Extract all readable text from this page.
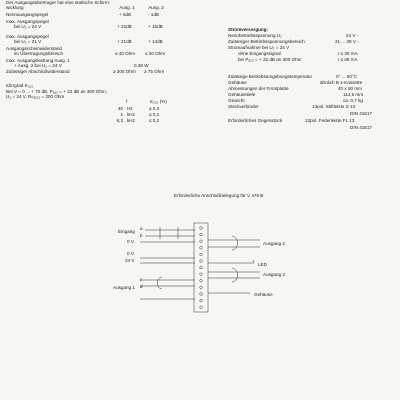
Der Ausgangsübertrager hat eine statische Schirm-
wicklung	Ausg. 1	Ausg. 2
Nennausgangspegel	+ 6dB	- 1dB
max. Ausgangspegel
bei U₂ = 24 V	+ 22dB	+ 15dB
max. Ausgangspegel
bei U₂ = 21 V	+ 21dB	+ 14dB
Ausgangsscheinwiderstand
im Übertragungsbereich	≤ 40 Ohm ≤ 30 Ohm
max. Ausgangsleistung Ausg. 1
+ Ausg. 2 bei U₂ = 24 V	0,36 W
Zulässiger Abschlußwiderstand	≥ 300 Ohm ≥ 75 Ohm
Klirrgrad K₂₂₂
Bei V = 0 ... + 70 dB, Pₐ₂₂ = + 22 dB an 300 Ohm,
U₂ = 24 V, Rₙₐ₂₂₂ = 200 Ohm
f	K₂₂₂ (%)
40 Hz	≤ 0,3
1 kHz	≤ 0,1
6,3 kHz	≤ 0,2
Stromversorgung:
Nennbetriebsspannung U₂	24 V -
Zulässiger Betriebsspannungsbereich	21 ... 28 V -
Stromaufnahme bei U₂ = 24 V
ohne Eingangssignal	I ≤ 30 mA
bei Pₐ₂₂ = + 22 dB an 300 Ohm	I ≤ 68 mA
Zulässige Betriebsumgebungstemperatur	0° ... 50°C
Gehäuse	ähnlich B 1-Kassette
Abmessungen der Frontplatte	40 x 90 mm
Gehäusetiefe	114,5 mm
Gewicht	ca. 0,7 kg
Steckverbinder	13pol. Stiftleiste S 13
DIN 41617
Erforderliches Gegenstück	13pol. Federleiste FL 13
DIN 41617
Erforderliche Anschlußbelegung für V 476 B
Eingang
a
b
0 V
0 V
24 V
Ausgang 2
+
LED
Ausgang 2
c
d
Ausgang 1
Gehäuse
